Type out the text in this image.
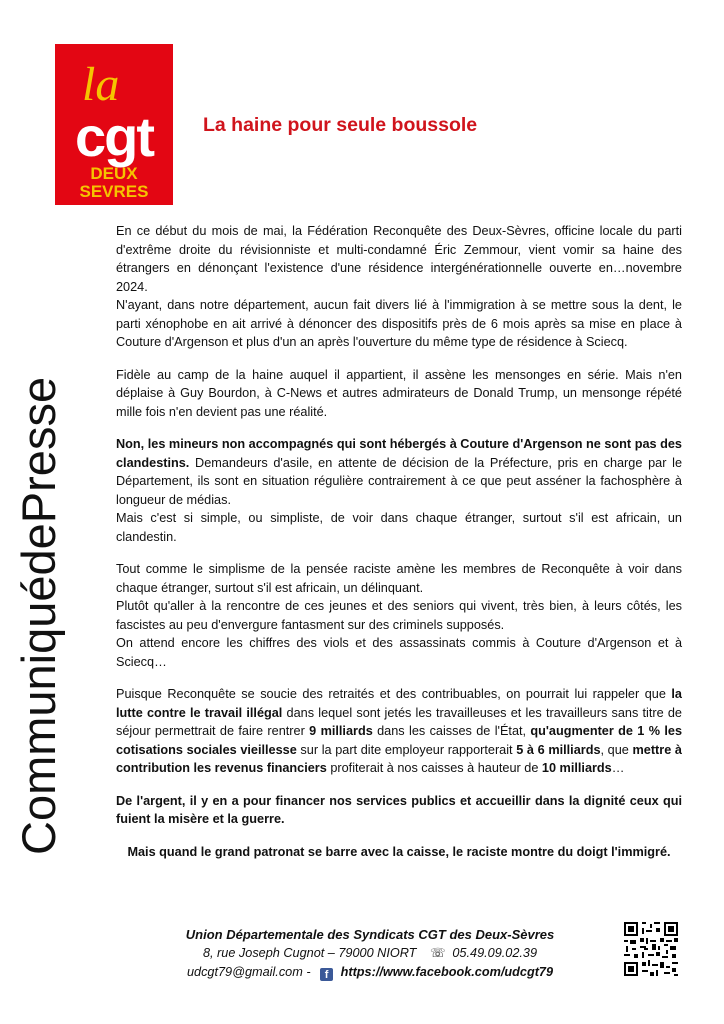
la
cgt
DEUX
SEVRES
La haine pour seule boussole
CommuniquédePresse

En ce début du mois de mai, la Fédération Reconquête des Deux-Sèvres, officine locale du parti d'extrême droite du révisionniste et multi-condamné Éric Zemmour, vient vomir sa haine des étrangers en dénonçant l'existence d'une résidence intergénérationnelle ouverte en…novembre 2024.

N'ayant, dans notre département, aucun fait divers lié à l'immigration à se mettre sous la dent, le parti xénophobe en ait arrivé à dénoncer des dispositifs près de 6 mois après sa mise en place à Couture d'Argenson et plus d'un an après l'ouverture du même type de résidence à Sciecq.

Fidèle au camp de la haine auquel il appartient, il assène les mensonges en série. Mais n'en déplaise à Guy Bourdon, à C-News et autres admirateurs de Donald Trump, un mensonge répété mille fois n'en devient pas une réalité.

Non, les mineurs non accompagnés qui sont hébergés à Couture d'Argenson ne sont pas des clandestins. Demandeurs d'asile, en attente de décision de la Préfecture, pris en charge par le Département, ils sont en situation régulière contrairement à ce que peut asséner la fachosphère à longueur de médias.

Mais c'est si simple, ou simpliste, de voir dans chaque étranger, surtout s'il est africain, un clandestin.

Tout comme le simplisme de la pensée raciste amène les membres de Reconquête à voir dans chaque étranger, surtout s'il est africain, un délinquant.

Plutôt qu'aller à la rencontre de ces jeunes et des seniors qui vivent, très bien, à leurs côtés, les fascistes au peu d'envergure fantasment sur des criminels supposés.

On attend encore les chiffres des viols et des assassinats commis à Couture d'Argenson et à Sciecq…

Puisque Reconquête se soucie des retraités et des contribuables, on pourrait lui rappeler que la lutte contre le travail illégal dans lequel sont jetés les travailleuses et les travailleurs sans titre de séjour permettrait de faire rentrer 9 milliards dans les caisses de l'État, qu'augmenter de 1 % les cotisations sociales vieillesse sur la part dite employeur rapporterait 5 à 6 milliards, que mettre à contribution les revenus financiers profiterait à nos caisses à hauteur de 10 milliards…

De l'argent, il y en a pour financer nos services publics et accueillir dans la dignité ceux qui fuient la misère et la guerre.

Mais quand le grand patronat se barre avec la caisse, le raciste montre du doigt l'immigré.

Union Départementale des Syndicats CGT des Deux-Sèvres
8, rue Joseph Cugnot – 79000 NIORT ☏ 05.49.09.02.39
udcgt79@gmail.com - f https://www.facebook.com/udcgt79
